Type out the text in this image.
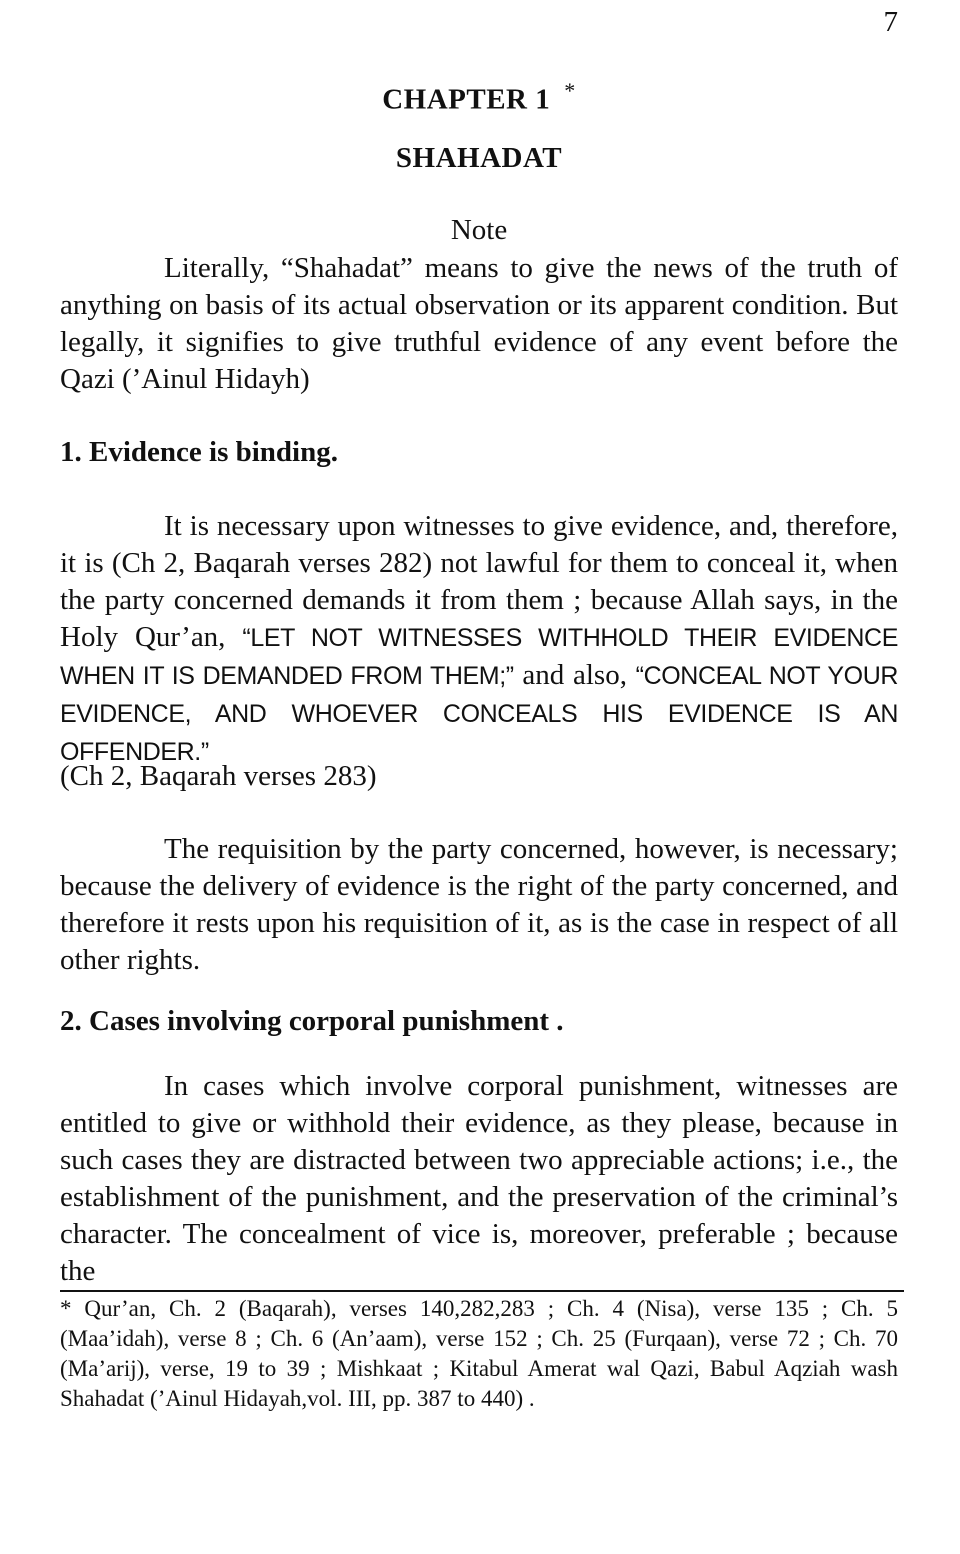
7

CHAPTER 1 *
SHAHADAT

Note

Literally, “Shahadat” means to give the news of the truth of anything on basis of its actual observation or its apparent condition. But legally, it signifies to give truthful evidence of any event before the Qazi (’Ainul Hidayh)

1. Evidence is binding.

It is necessary upon witnesses to give evidence, and, therefore, it is (Ch 2, Baqarah verses 282) not lawful for them to conceal it, when the party concerned demands it from them ; because Allah says, in the Holy Qur’an, “LET NOT WITNESSES WITHHOLD THEIR EVIDENCE WHEN IT IS DEMANDED FROM THEM;” and also, “CONCEAL NOT YOUR EVIDENCE, AND WHOEVER CONCEALS HIS EVIDENCE IS AN OFFENDER.”

(Ch 2, Baqarah verses 283)

The requisition by the party concerned, however, is necessary; because the delivery of evidence is the right of the party concerned, and therefore it rests upon his requisition of it, as is the case in respect of all other rights.

2. Cases involving corporal punishment .

In cases which involve corporal punishment, witnesses are entitled to give or withhold their evidence, as they please, because in such cases they are distracted between two appreciable actions; i.e., the establishment of the punishment, and the preservation of the criminal’s character. The concealment of vice is, moreover, preferable ; because the

* Qur’an, Ch. 2 (Baqarah), verses 140,282,283 ; Ch. 4 (Nisa), verse 135 ; Ch. 5 (Maa’idah), verse 8 ; Ch. 6 (An’aam), verse 152 ; Ch. 25 (Furqaan), verse 72 ; Ch. 70 (Ma’arij), verse, 19 to 39 ; Mishkaat ; Kitabul Amerat wal Qazi, Babul Aqziah wash Shahadat (’Ainul Hidayah,vol. III, pp. 387 to 440) .
